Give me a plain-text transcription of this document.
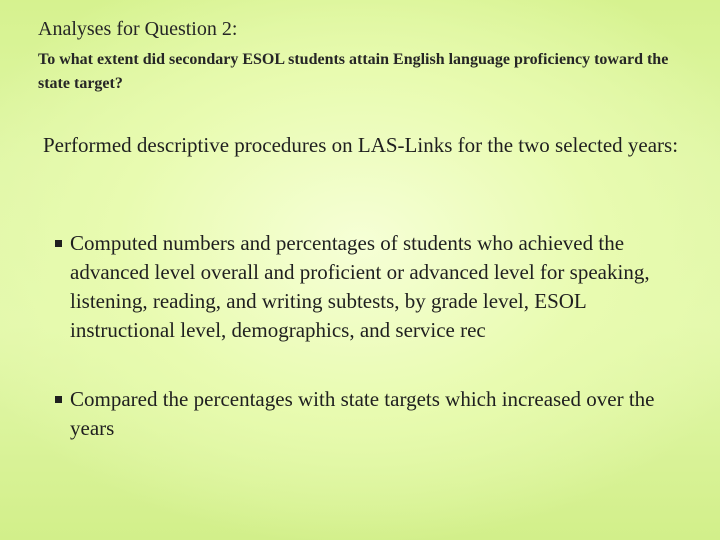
Analyses for Question 2:

To what extent did secondary ESOL students attain English language proficiency toward the state target?

Performed descriptive procedures on LAS-Links for the two selected years:

Computed numbers and percentages of students who achieved the advanced level overall and proficient or advanced level for speaking, listening, reading, and writing subtests, by grade level, ESOL instructional level, demographics, and service rec
Compared the percentages with state targets which increased over the years
